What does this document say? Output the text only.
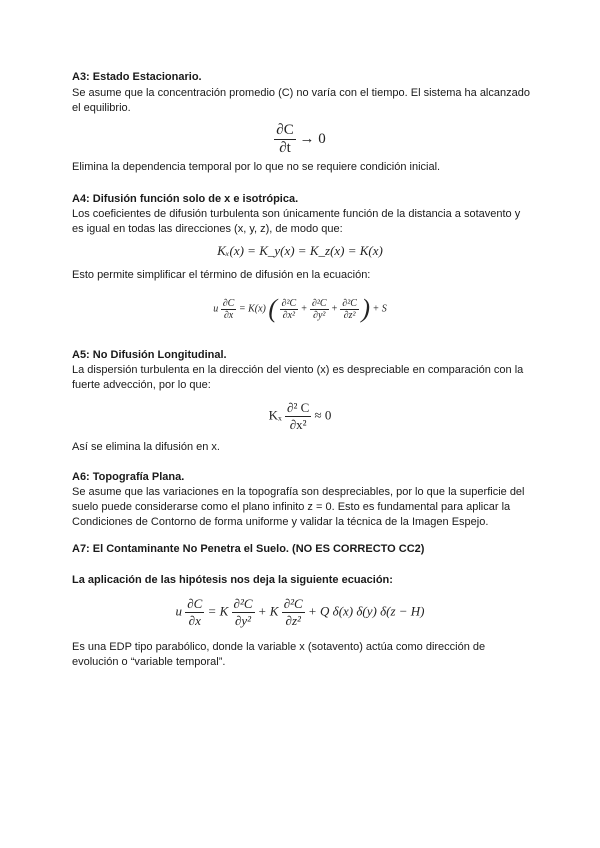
A3: Estado Estacionario.
Se asume que la concentración promedio (C) no varía con el tiempo. El sistema ha alcanzado el equilibrio.
$\frac{\partial C}{\partial t} \to 0$
Elimina la dependencia temporal por lo que no se requiere condición inicial.
A4: Difusión función solo de x e isotrópica.
Los coeficientes de difusión turbulenta son únicamente función de la distancia a sotavento y es igual en todas las direcciones (x, y, z), de modo que:
Kₓ(x) = K_y(x) = K_z(x) = K(x)
Esto permite simplificar el término de difusión en la ecuación:
u $\frac{\partial C}{\partial x} = K(x)$ ( $\frac{\text{∂²C}}{\text{∂x²}} + \frac{\text{∂²C}}{\text{∂y²}} + \frac{\text{∂²C}}{\text{∂z²}}$ ) + S
A5: No Difusión Longitudinal.
La dispersión turbulenta en la dirección del viento (x) es despreciable en comparación con la fuerte advección, por lo que:
Kₓ $\frac{\text{∂² C}}{\text{∂x²}} \approx 0$
Así se elimina la difusión en x.
A6: Topografía Plana.
Se asume que las variaciones en la topografía son despreciables, por lo que la superficie del suelo puede considerarse como el plano infinito z = 0. Esto es fundamental para aplicar la Condiciones de Contorno de forma uniforme y validar la técnica de la Imagen Espejo.
A7: El Contaminante No Penetra el Suelo. (NO ES CORRECTO CC2)
La aplicación de las hipótesis nos deja la siguiente ecuación:
u $\frac{\partial C}{\partial x} = K \frac{\text{∂²C}}{\text{∂y²}} + K \frac{\text{∂²C}}{\text{∂z²}} + Q$ δ(x) δ(y) δ(z − H)
Es una EDP tipo parabólico, donde la variable x (sotavento) actúa como dirección de evolución o “variable temporal”.
